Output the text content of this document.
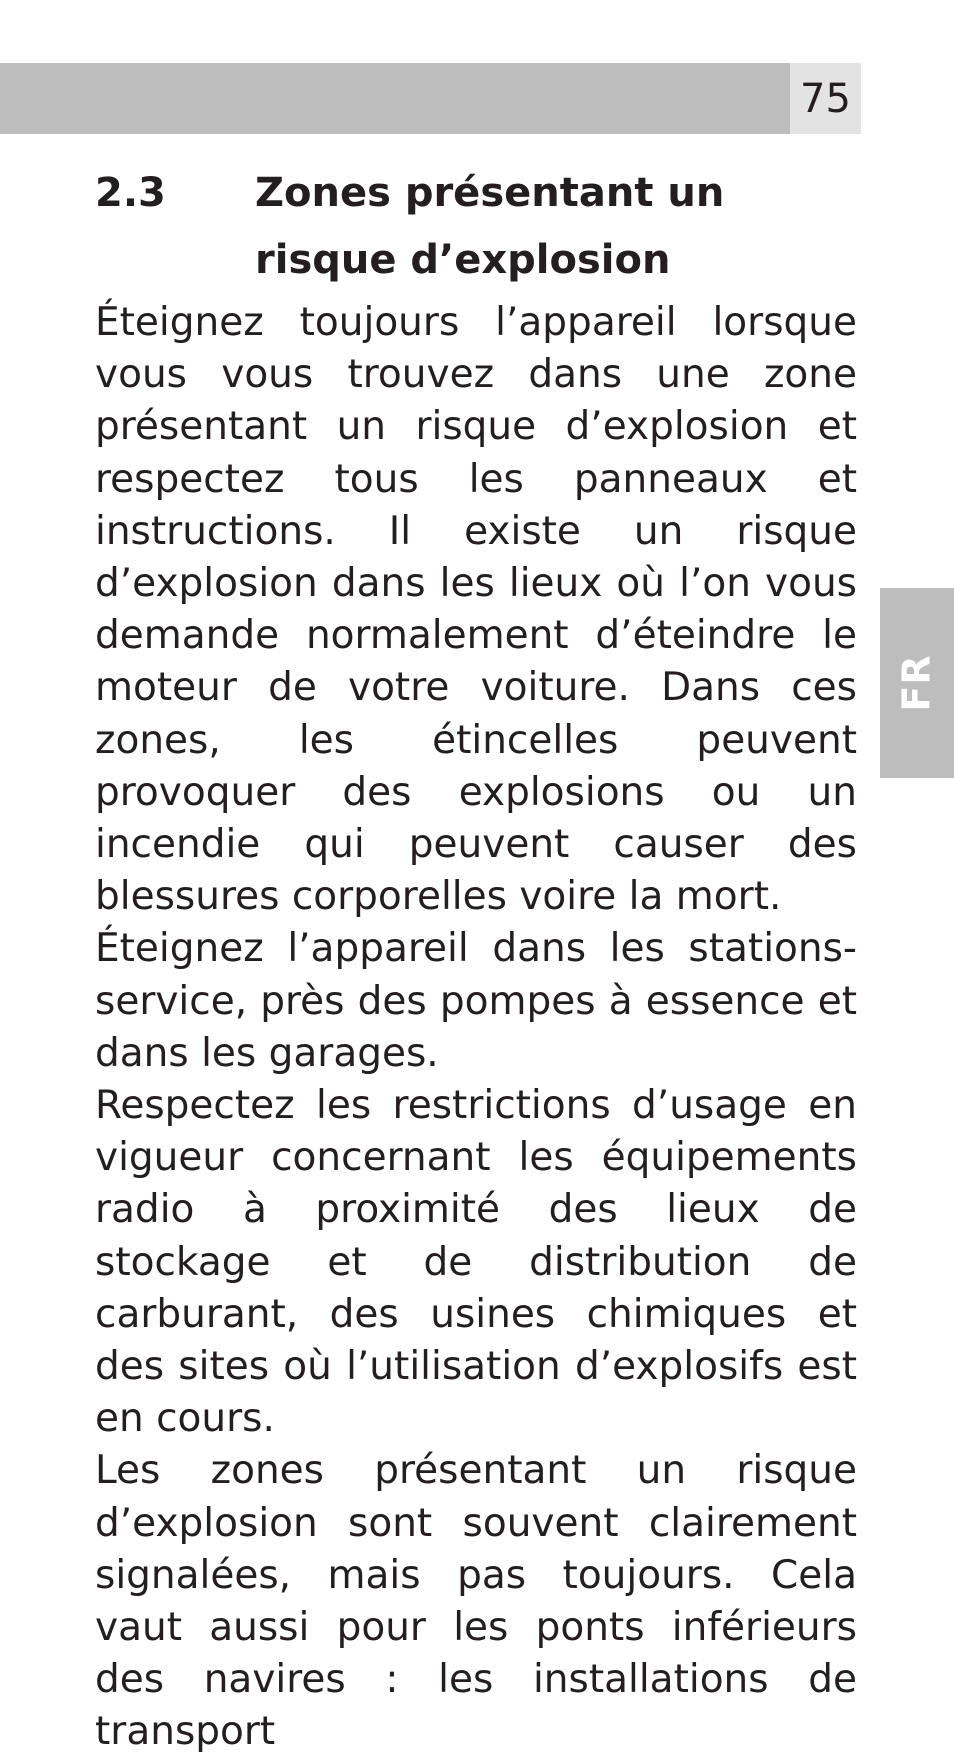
75
FR
2.3 Zones présentant un risque d’explosion

Éteignez toujours l’appareil lorsque vous vous trouvez dans une zone présentant un risque d’explosion et respectez tous les panneaux et instructions. Il existe un risque d’explosion dans les lieux où l’on vous demande normalement d’éteindre le moteur de votre voiture. Dans ces zones, les étincelles peuvent provoquer des explosions ou un incendie qui peuvent causer des blessures corporelles voire la mort.

Éteignez l’appareil dans les stations-service, près des pompes à essence et dans les garages.

Respectez les restrictions d’usage en vigueur concernant les équipements radio à proximité des lieux de stockage et de distribution de carburant, des usines chimiques et des sites où l’utilisation d’explosifs est en cours.

Les zones présentant un risque d’explosion sont souvent clairement signalées, mais pas toujours. Cela vaut aussi pour les ponts inférieurs des navires : les installations de transport
